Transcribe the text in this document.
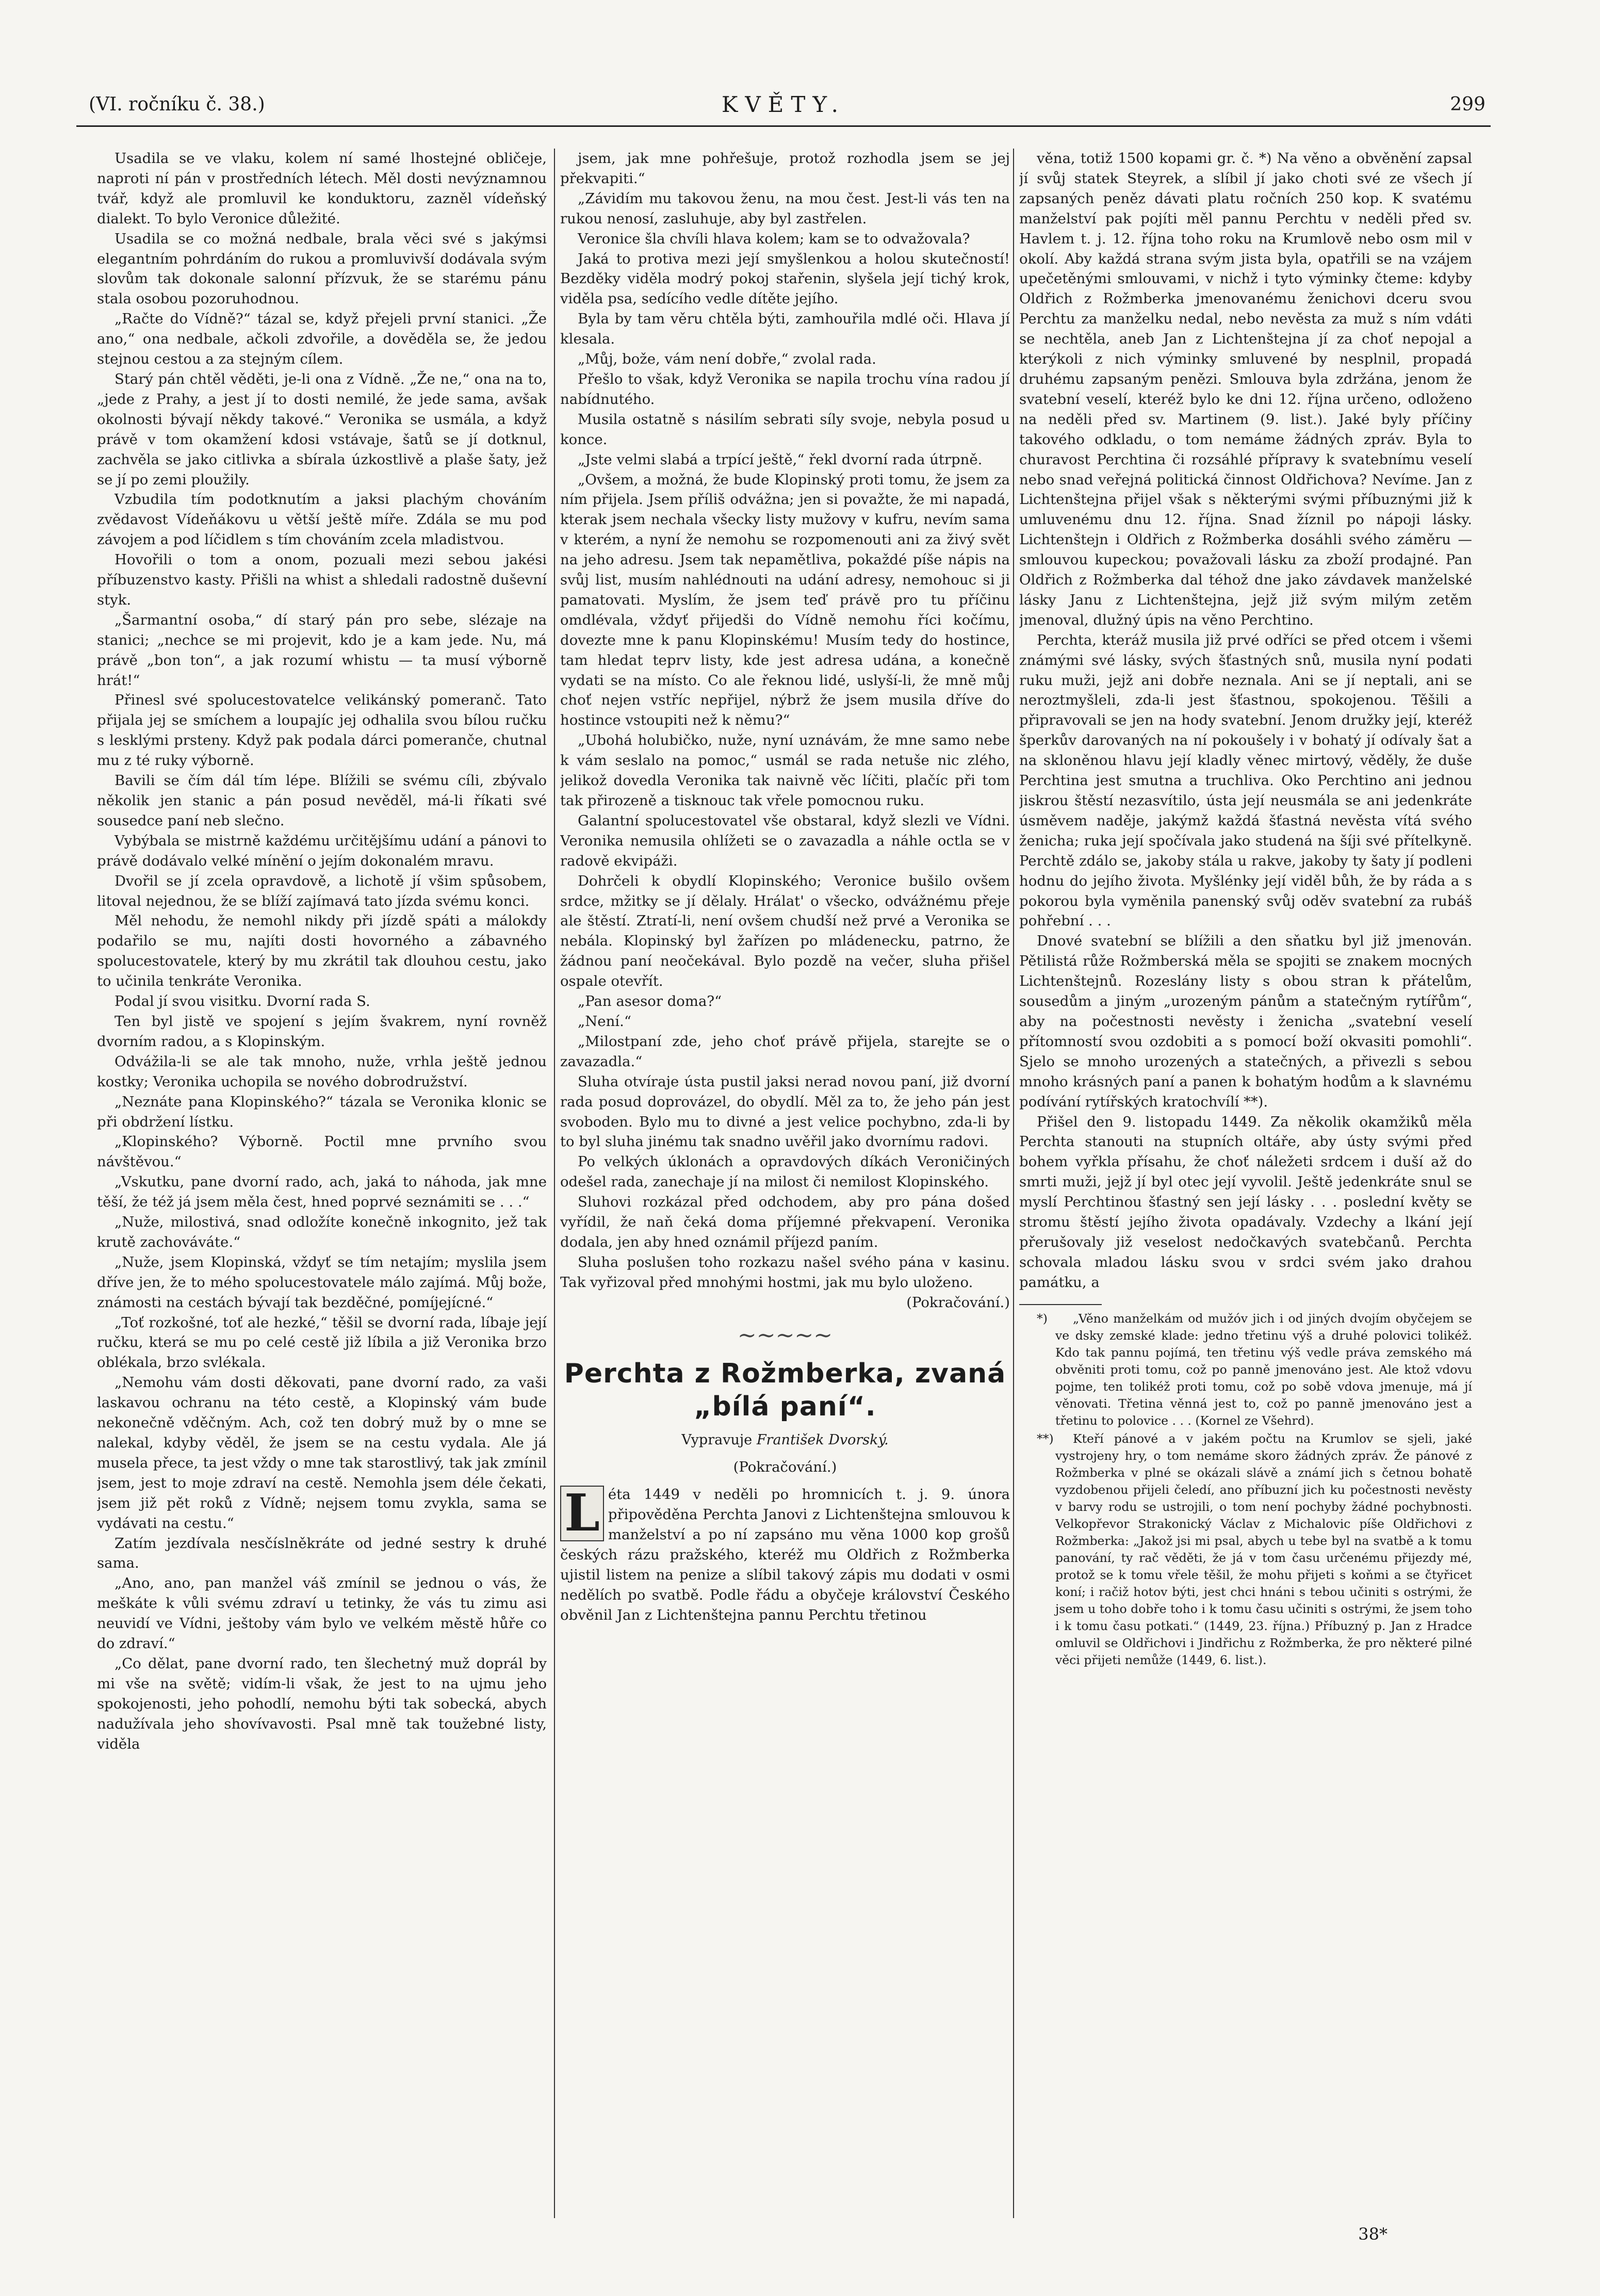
(VI. ročníku č. 38.)	KVĚTY.	299

Usadila se ve vlaku, kolem ní samé lhostejné obličeje, naproti ní pán v prostředních létech. Měl dosti nevýznamnou tvář, když ale promluvil ke konduktoru, zazněl vídeňský dialekt. To bylo Veronice důležité.

Usadila se co možná nedbale, brala věci své s jakýmsi elegantním pohrdáním do rukou a promluvivší dodávala svým slovům tak dokonale salonní přízvuk, že se starému pánu stala osobou pozoruhodnou.

„Račte do Vídně?“ tázal se, když přejeli první stanici. „Že ano,“ ona nedbale, ačkoli zdvořile, a dověděla se, že jedou stejnou cestou a za stejným cílem.

Starý pán chtěl věděti, je-li ona z Vídně. „Že ne,“ ona na to, „jede z Prahy, a jest jí to dosti nemilé, že jede sama, avšak okolnosti bývají někdy takové.“ Veronika se usmála, a když právě v tom okamžení kdosi vstávaje, šatů se jí dotknul, zachvěla se jako citlivka a sbírala úzkostlivě a plaše šaty, jež se jí po zemi ploužily.

Vzbudila tím podotknutím a jaksi plachým chováním zvědavost Vídeňákovu u větší ještě míře. Zdála se mu pod závojem a pod líčidlem s tím chováním zcela mladistvou.

Hovořili o tom a onom, pozuali mezi sebou jakési příbuzenstvo kasty. Přišli na whist a shledali radostně duševní styk.

„Šarmantní osoba,“ dí starý pán pro sebe, slézaje na stanici; „nechce se mi projevit, kdo je a kam jede. Nu, má právě „bon ton“, a jak rozumí whistu — ta musí výborně hrát!“

Přinesl své spolucestovatelce velikánský pomeranč. Tato přijala jej se smíchem a loupajíc jej odhalila svou bílou ručku s lesklými prsteny. Když pak podala dárci pomeranče, chutnal mu z té ruky výborně.

Bavili se čím dál tím lépe. Blížili se svému cíli, zbývalo několik jen stanic a pán posud nevěděl, má-li říkati své sousedce paní neb slečno.

Vybýbala se mistrně každému určitějšímu udání a pánovi to právě dodávalo velké mínění o jejím dokonalém mravu.

Dvořil se jí zcela opravdově, a lichotě jí všim spůsobem, litoval nejednou, že se blíží zajímavá tato jízda svému konci.

Měl nehodu, že nemohl nikdy při jízdě spáti a málokdy podařilo se mu, najíti dosti hovorného a zábavného spolucestovatele, který by mu zkrátil tak dlouhou cestu, jako to učinila tenkráte Veronika.

Podal jí svou visitku. Dvorní rada S.

Ten byl jistě ve spojení s jejím švakrem, nyní rovněž dvorním radou, a s Klopinským.

Odvážila-li se ale tak mnoho, nuže, vrhla ještě jednou kostky; Veronika uchopila se nového dobrodružství.

„Neznáte pana Klopinského?“ tázala se Veronika klonic se při obdržení lístku.

„Klopinského? Výborně. Poctil mne prvního svou návštěvou.“

„Vskutku, pane dvorní rado, ach, jaká to náhoda, jak mne těší, že též já jsem měla čest, hned poprvé seznámiti se . . .“

„Nuže, milostivá, snad odložíte konečně inkognito, jež tak krutě zachováváte.“

„Nuže, jsem Klopinská, vždyť se tím netajím; myslila jsem dříve jen, že to mého spolucestovatele málo zajímá. Můj bože, známosti na cestách bývají tak bezděčné, pomíjejícné.“

„Toť rozkošné, toť ale hezké,“ těšil se dvorní rada, líbaje její ručku, která se mu po celé cestě již líbila a již Veronika brzo oblékala, brzo svlékala.

„Nemohu vám dosti děkovati, pane dvorní rado, za vaši laskavou ochranu na této cestě, a Klopinský vám bude nekonečně vděčným. Ach, což ten dobrý muž by o mne se nalekal, kdyby věděl, že jsem se na cestu vydala. Ale já musela přece, ta jest vždy o mne tak starostlivý, tak jak zmínil jsem, jest to moje zdraví na cestě. Nemohla jsem déle čekati, jsem již pět roků z Vídně; nejsem tomu zvykla, sama se vydávati na cestu.“

Zatím jezdívala nesčíslněkráte od jedné sestry k druhé sama.

„Ano, ano, pan manžel váš zmínil se jednou o vás, že meškáte k vůli svému zdraví u tetinky, že vás tu zimu asi neuvidí ve Vídni, ještoby vám bylo ve velkém městě hůře co do zdraví.“

„Co dělat, pane dvorní rado, ten šlechetný muž doprál by mi vše na světě; vidím-li však, že jest to na ujmu jeho spokojenosti, jeho pohodlí, nemohu býti tak sobecká, abych nadužívala jeho shovívavosti. Psal mně tak toužebné listy, viděla

jsem, jak mne pohřešuje, protož rozhodla jsem se jej překvapiti.“

„Závidím mu takovou ženu, na mou čest. Jest-li vás ten na rukou nenosí, zasluhuje, aby byl zastřelen.

Veronice šla chvíli hlava kolem; kam se to odvažovala?

Jaká to protiva mezi její smyšlenkou a holou skutečností! Bezděky viděla modrý pokoj stařenin, slyšela její tichý krok, viděla psa, sedícího vedle dítěte jejího.

Byla by tam věru chtěla býti, zamhouřila mdlé oči. Hlava jí klesala.

„Můj, bože, vám není dobře,“ zvolal rada.

Přešlo to však, když Veronika se napila trochu vína radou jí nabídnutého.

Musila ostatně s násilím sebrati síly svoje, nebyla posud u konce.

„Jste velmi slabá a trpící ještě,“ řekl dvorní rada útrpně.

„Ovšem, a možná, že bude Klopinský proti tomu, že jsem za ním přijela. Jsem příliš odvážna; jen si považte, že mi napadá, kterak jsem nechala všecky listy mužovy v kufru, nevím sama v kterém, a nyní že nemohu se rozpomenouti ani za živý svět na jeho adresu. Jsem tak nepamětliva, pokaždé píše nápis na svůj list, musím nahlédnouti na udání adresy, nemohouc si ji pamatovati. Myslím, že jsem teď právě pro tu příčinu omdlévala, vždyť přijedši do Vídně nemohu říci kočímu, dovezte mne k panu Klopinskému! Musím tedy do hostince, tam hledat teprv listy, kde jest adresa udána, a konečně vydati se na místo. Co ale řeknou lidé, uslyší-li, že mně můj choť nejen vstříc nepřijel, nýbrž že jsem musila dříve do hostince vstoupiti než k němu?“

„Ubohá holubičko, nuže, nyní uznávám, že mne samo nebe k vám seslalo na pomoc,“ usmál se rada netuše nic zlého, jelikož dovedla Veronika tak naivně věc líčiti, plačíc při tom tak přirozeně a tisknouc tak vřele pomocnou ruku.

Galantní spolucestovatel vše obstaral, když slezli ve Vídni. Veronika nemusila ohlížeti se o zavazadla a náhle octla se v radově ekvipáži.

Dohrčeli k obydlí Klopinského; Veronice bušilo ovšem srdce, mžitky se jí dělaly. Hrálat' o všecko, odvážnému přeje ale štěstí. Ztratí-li, není ovšem chudší než prvé a Veronika se nebála. Klopinský byl žařízen po mládenecku, patrno, že žádnou paní neočekával. Bylo pozdě na večer, sluha přišel ospale otevřít.

„Pan asesor doma?“

„Není.“

„Milostpaní zde, jeho choť právě přijela, starejte se o zavazadla.“

Sluha otvíraje ústa pustil jaksi nerad novou paní, již dvorní rada posud doprovázel, do obydlí. Měl za to, že jeho pán jest svoboden. Bylo mu to divné a jest velice pochybno, zda-li by to byl sluha jinému tak snadno uvěřil jako dvornímu radovi.

Po velkých úklonách a opravdových díkách Veroničiných odešel rada, zanechaje jí na milost či nemilost Klopinského.

Sluhovi rozkázal před odchodem, aby pro pána došed vyřídil, že naň čeká doma příjemné překvapení. Veronika dodala, jen aby hned oznámil příjezd paním.

Sluha poslušen toho rozkazu našel svého pána v kasinu. Tak vyřizoval před mnohými hostmi, jak mu bylo uloženo.

(Pokračování.)

~~~~~
Perchta z Rožmberka, zvaná „bílá paní“.
Vypravuje František Dvorský.
(Pokračování.)

L éta 1449 v neděli po hromnicích t. j. 9. února připověděna Perchta Janovi z Lichtenštejna smlouvou k manželství a po ní zapsáno mu věna 1000 kop grošů českých rázu pražského, kteréž mu Oldřich z Rožmberka ujistil listem na penize a slíbil takový zápis mu dodati v osmi nedělích po svatbě. Podle řádu a obyčeje království Českého obvěnil Jan z Lichtenštejna pannu Perchtu třetinou

věna, totiž 1500 kopami gr. č. *) Na věno a obvěnění zapsal jí svůj statek Steyrek, a slíbil jí jako choti své ze všech jí zapsaných peněz dávati platu ročních 250 kop. K svatému manželství pak pojíti měl pannu Perchtu v neděli před sv. Havlem t. j. 12. října toho roku na Krumlově nebo osm mil v okolí. Aby každá strana svým jista byla, opatřili se na vzájem upečetěnými smlouvami, v nichž i tyto výminky čteme: kdyby Oldřich z Rožmberka jmenovanému ženichovi dceru svou Perchtu za manželku nedal, nebo nevěsta za muž s ním vdáti se nechtěla, aneb Jan z Lichtenštejna jí za choť nepojal a kterýkoli z nich výminky smluvené by nesplnil, propadá druhému zapsaným penězi. Smlouva byla zdržána, jenom že svatební veselí, kteréž bylo ke dni 12. října určeno, odloženo na neděli před sv. Martinem (9. list.). Jaké byly příčiny takového odkladu, o tom nemáme žádných zpráv. Byla to churavost Perchtina či rozsáhlé přípravy k svatebnímu veselí nebo snad veřejná politická činnost Oldřichova? Nevíme. Jan z Lichtenštejna přijel však s některými svými příbuznými již k umluvenému dnu 12. října. Snad žíznil po nápoji lásky. Lichtenštejn i Oldřich z Rožmberka dosáhli svého záměru — smlouvou kupeckou; považovali lásku za zboží prodajné. Pan Oldřich z Rožmberka dal téhož dne jako závdavek manželské lásky Janu z Lichtenštejna, jejž již svým milým zetěm jmenoval, dlužný úpis na věno Perchtino.

Perchta, kteráž musila již prvé odříci se před otcem i všemi známými své lásky, svých šťastných snů, musila nyní podati ruku muži, jejž ani dobře neznala. Ani se jí neptali, ani se neroztmyšleli, zda-li jest šťastnou, spokojenou. Těšili a připravovali se jen na hody svatební. Jenom družky její, kteréž šperkův darovaných na ní pokoušely i v bohatý jí odívaly šat a na skloněnou hlavu její kladly věnec mirtový, věděly, že duše Perchtina jest smutna a truchliva. Oko Perchtino ani jednou jiskrou štěstí nezasvítilo, ústa její neusmála se ani jedenkráte úsměvem naděje, jakýmž každá šťastná nevěsta vítá svého ženicha; ruka její spočívala jako studená na šíji své přítelkyně. Perchtě zdálo se, jakoby stála u rakve, jakoby ty šaty jí podleni hodnu do jejího života. Myšlénky její viděl bůh, že by ráda a s pokorou byla vyměnila panenský svůj oděv svatební za rubáš pohřební . . .

Dnové svatební se blížili a den sňatku byl již jmenován. Pětilistá růže Rožmberská měla se spojiti se znakem mocných Lichtenštejnů. Rozeslány listy s obou stran k přátelům, sousedům a jiným „urozeným pánům a statečným rytířům“, aby na počestnosti nevěsty i ženicha „svatební veselí přítomností svou ozdobiti a s pomocí boží okvasiti pomohli“. Sjelo se mnoho urozených a statečných, a přivezli s sebou mnoho krásných paní a panen k bohatým hodům a k slavnému podívání rytířských kratochvílí **).

Přišel den 9. listopadu 1449. Za několik okamžiků měla Perchta stanouti na stupních oltáře, aby ústy svými před bohem vyřkla přísahu, že choť náležeti srdcem i duší až do smrti muži, jejž jí byl otec její vyvolil. Ještě jedenkráte snul se myslí Perchtinou šťastný sen její lásky . . . poslední květy se stromu štěstí jejího života opadávaly. Vzdechy a lkání její přerušovaly již veselost nedočkavých svatebčanů. Perchta schovala mladou lásku svou v srdci svém jako drahou památku, a

*) „Věno manželkám od mužóv jich i od jiných dvojím obyčejem se ve dsky zemské klade: jedno třetinu výš a druhé polovici tolikéž. Kdo tak pannu pojímá, ten třetinu výš vedle práva zemského má obvěniti proti tomu, což po panně jmenováno jest. Ale ktož vdovu pojme, ten tolikéž proti tomu, což po sobě vdova jmenuje, má jí věnovati. Třetina věnná jest to, což po panně jmenováno jest a třetinu to polovice . . . (Kornel ze Všehrd).

**) Kteří pánové a v jakém počtu na Krumlov se sjeli, jaké vystrojeny hry, o tom nemáme skoro žádných zpráv. Že pánové z Rožmberka v plné se okázali slávě a známí jich s četnou bohatě vyzdobenou přijeli čeledí, ano příbuzní jich ku počestnosti nevěsty v barvy rodu se ustrojili, o tom není pochyby žádné pochybnosti. Velkopřevor Strakonický Václav z Michalovic píše Oldřichovi z Rožmberka: „Jakož jsi mi psal, abych u tebe byl na svatbě a k tomu panování, ty rač věděti, že já v tom času určenému přijezdy mé, protož se k tomu vřele těšil, že mohu přijeti s koňmi a se čtyřicet koní; i račiž hotov býti, jest chci hnáni s tebou učiniti s ostrými, že jsem u toho dobře toho i k tomu času učiniti s ostrými, že jsem toho i k tomu času potkati.“ (1449, 23. října.) Příbuzný p. Jan z Hradce omluvil se Oldřichovi i Jindřichu z Rožmberka, že pro některé pilné věci přijeti nemůže (1449, 6. list.).

38*
